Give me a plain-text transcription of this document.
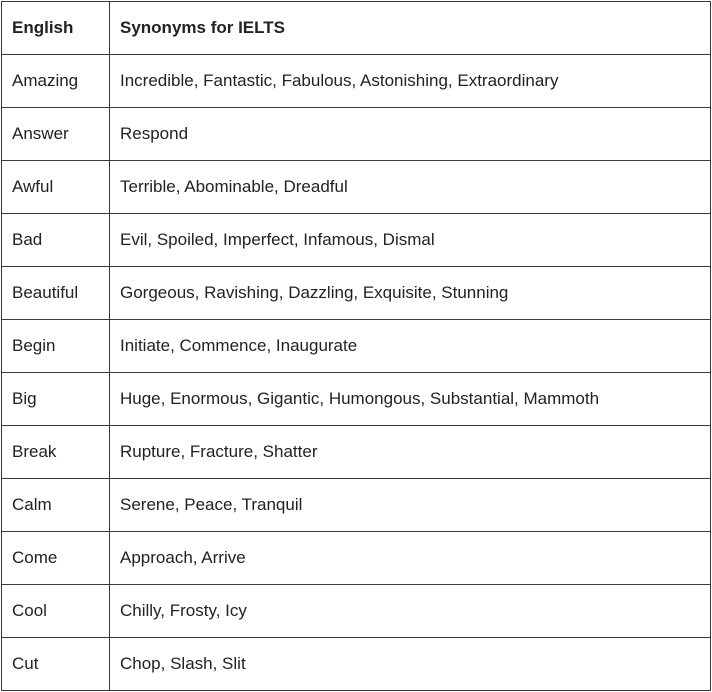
English	Synonyms for IELTS
Amazing	Incredible, Fantastic, Fabulous, Astonishing, Extraordinary
Answer	Respond
Awful	Terrible, Abominable, Dreadful
Bad	Evil, Spoiled, Imperfect, Infamous, Dismal
Beautiful	Gorgeous, Ravishing, Dazzling, Exquisite, Stunning
Begin	Initiate, Commence, Inaugurate
Big	Huge, Enormous, Gigantic, Humongous, Substantial, Mammoth
Break	Rupture, Fracture, Shatter
Calm	Serene, Peace, Tranquil
Come	Approach, Arrive
Cool	Chilly, Frosty, Icy
Cut	Chop, Slash, Slit
